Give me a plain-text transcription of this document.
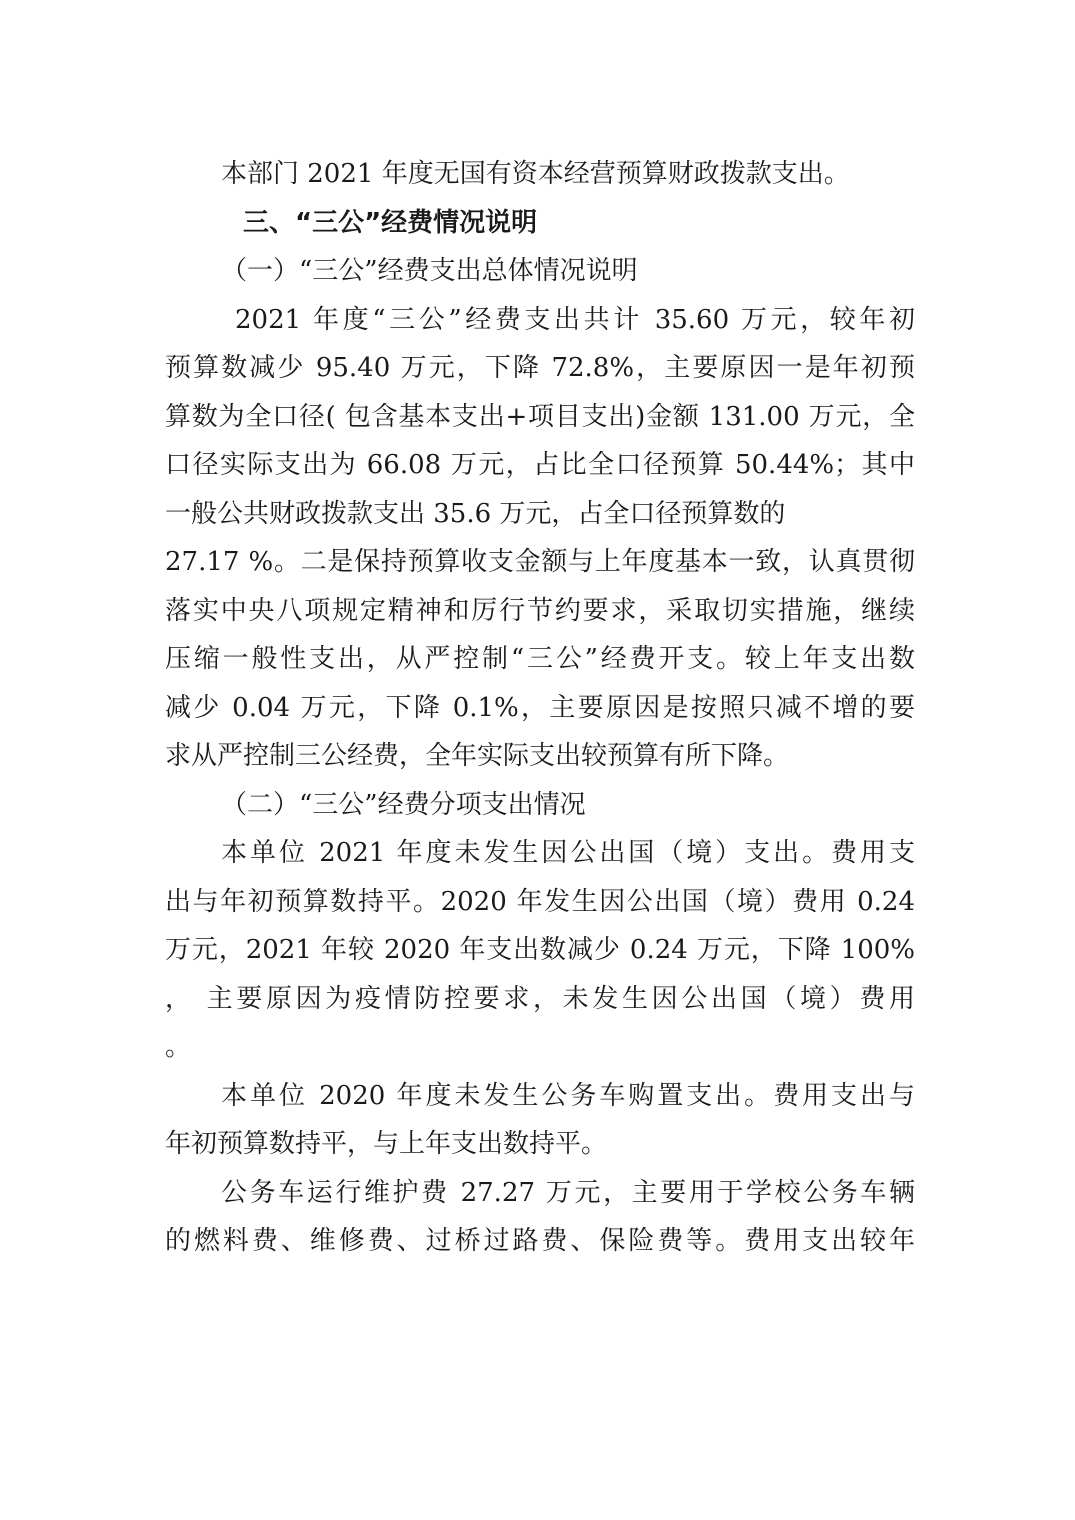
本部门 2021 年度无国有资本经营预算财政拨款支出。
三、“三公”经费情况说明
（一）“三公”经费支出总体情况说明
2021 年度“三公”经费支出共计 35.60 万元，较年初
预算数减少 95.40 万元，下降 72.8%，主要原因一是年初预
算数为全口径( 包含基本支出+项目支出)金额 131.00 万元，全
口径实际支出为 66.08 万元，占比全口径预算 50.44%；其中
一般公共财政拨款支出 35.6 万元，占全口径预算数的
27.17 %。二是保持预算收支金额与上年度基本一致，认真贯彻
落实中央八项规定精神和厉行节约要求，采取切实措施，继续
压缩一般性支出，从严控制“三公”经费开支。较上年支出数
减少 0.04 万元，下降 0.1%，主要原因是按照只减不增的要
求从严控制三公经费，全年实际支出较预算有所下降。
（二）“三公”经费分项支出情况
本单位 2021 年度未发生因公出国（境）支出。费用支
出与年初预算数持平。2020 年发生因公出国（境）费用 0.24
万元，2021 年较 2020 年支出数减少 0.24 万元，下降 100%
， 主要原因为疫情防控要求，未发生因公出国（境）费用
。
本单位 2020 年度未发生公务车购置支出。费用支出与
年初预算数持平，与上年支出数持平。
公务车运行维护费 27.27 万元，主要用于学校公务车辆
的燃料费、维修费、过桥过路费、保险费等。费用支出较年
